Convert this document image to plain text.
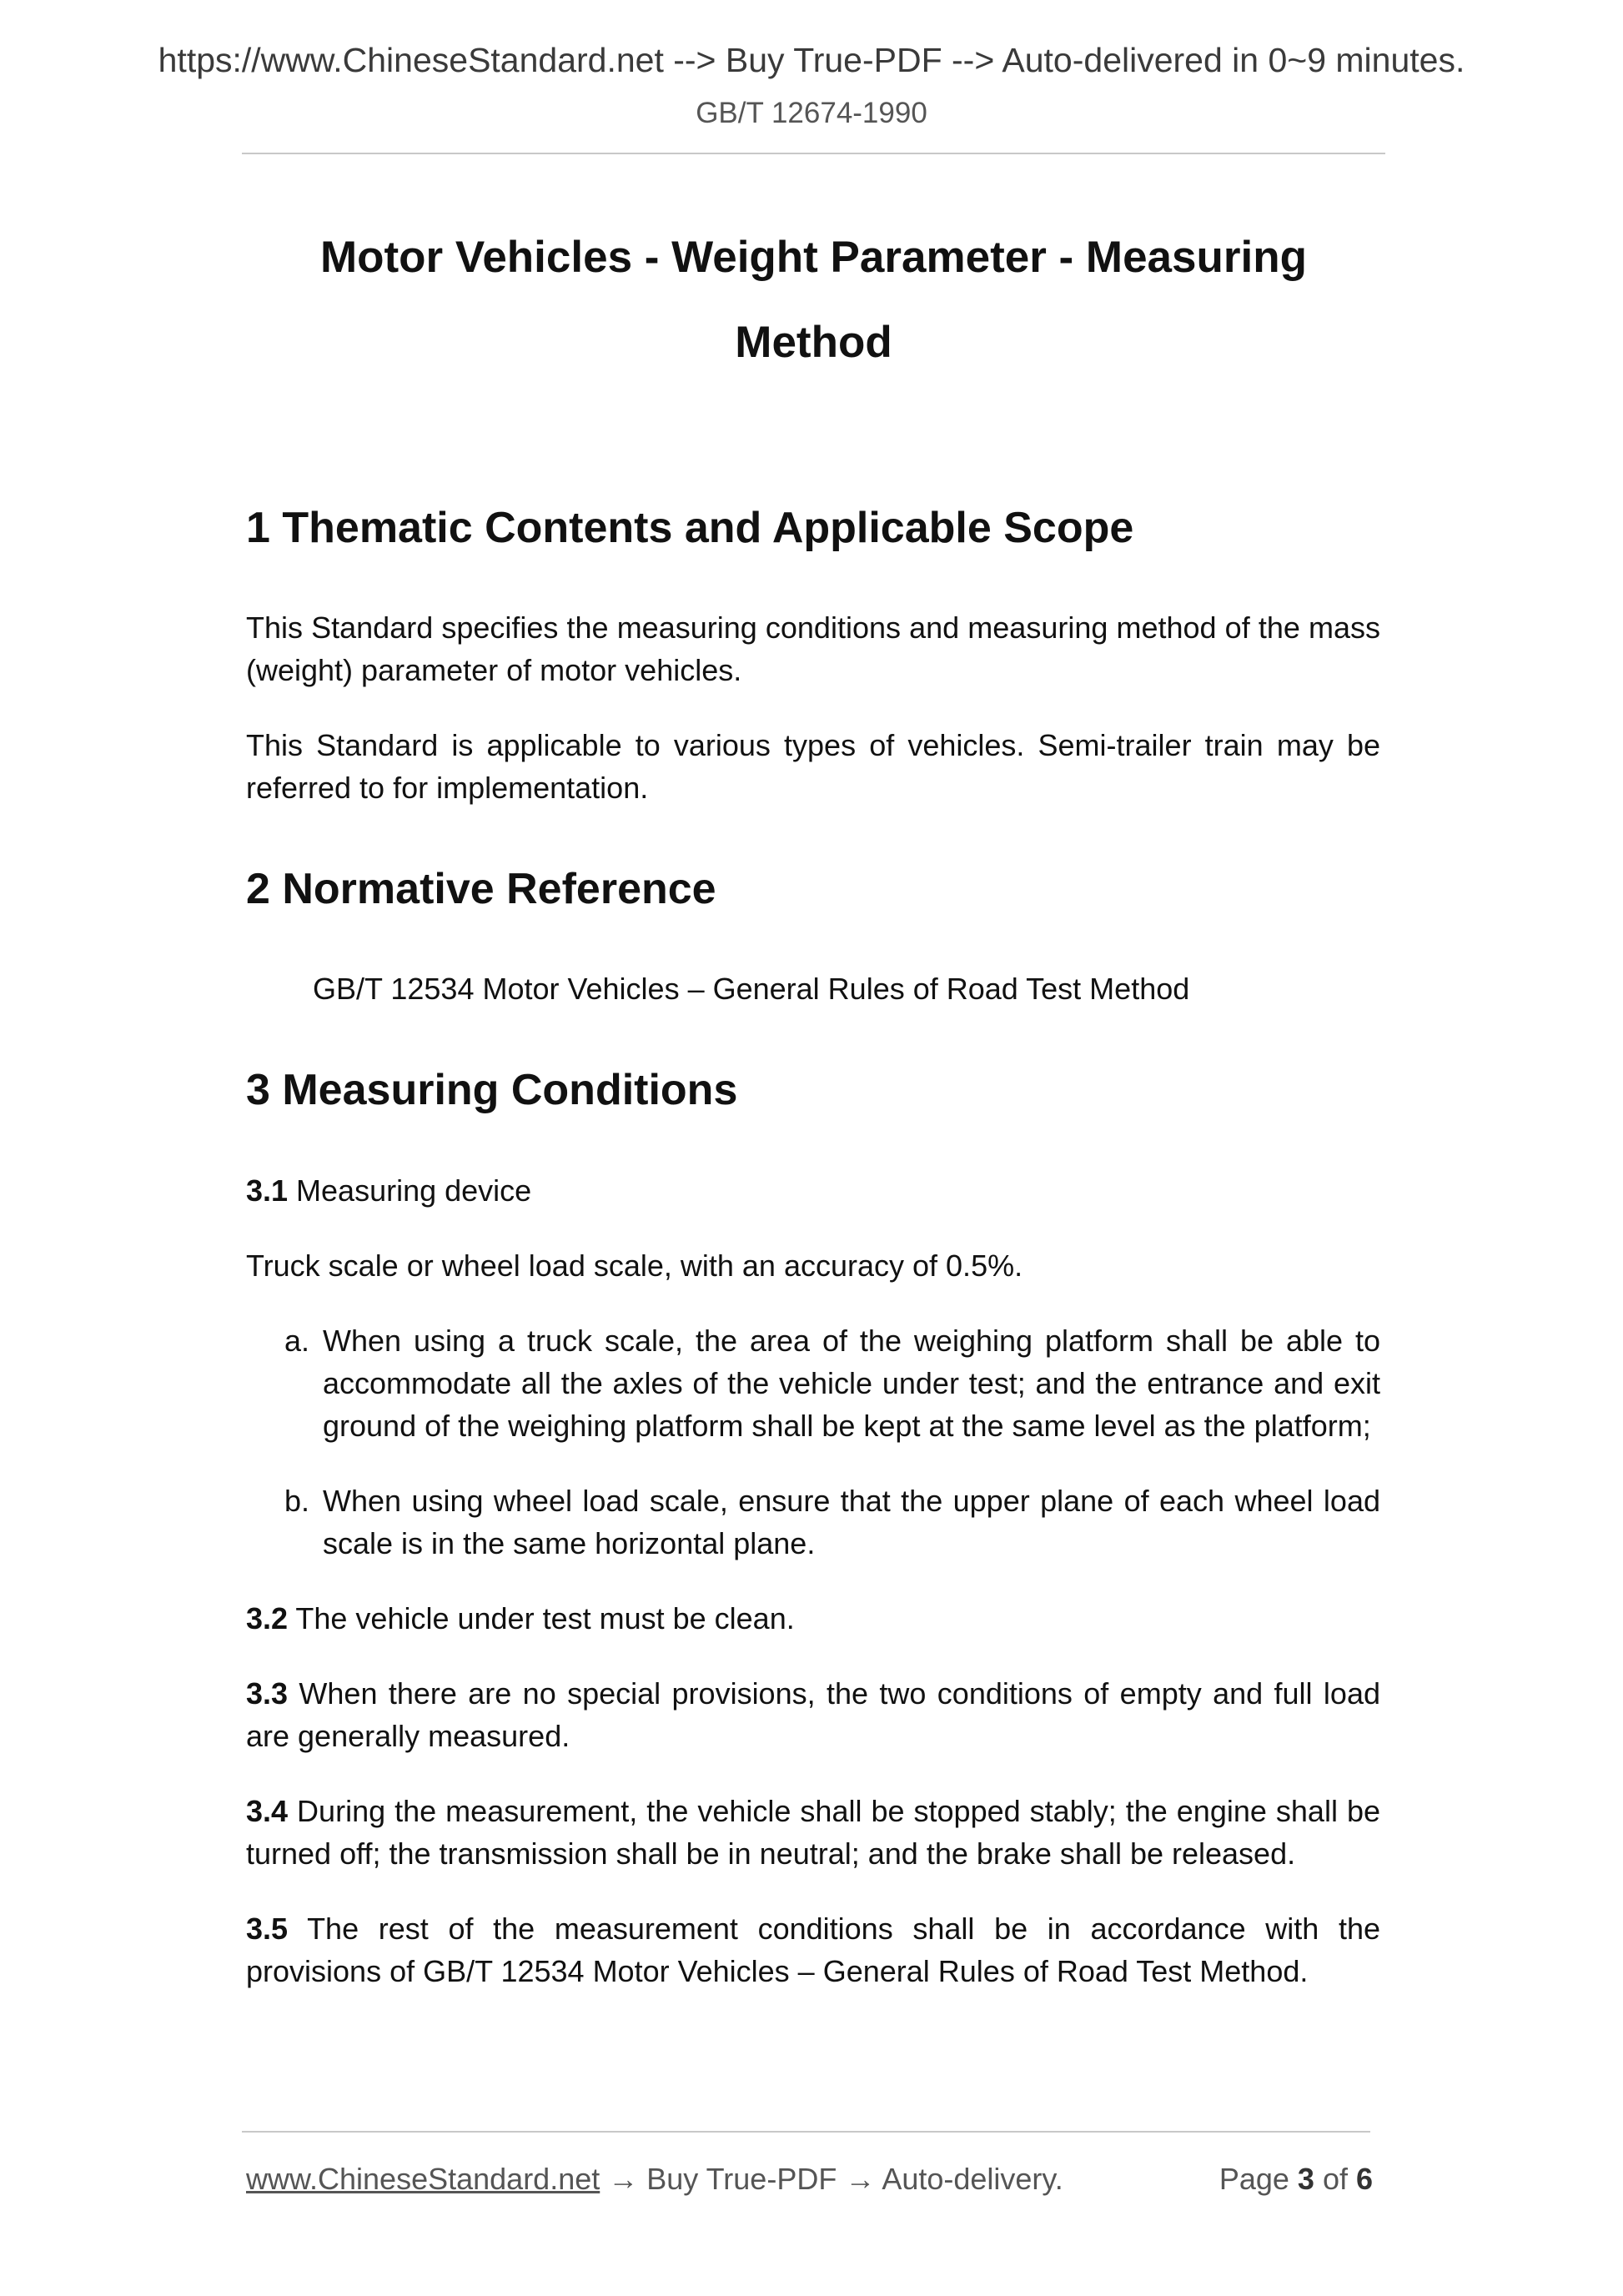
https://www.ChineseStandard.net --> Buy True-PDF --> Auto-delivered in 0~9 minutes.
GB/T 12674-1990
Motor Vehicles - Weight Parameter - Measuring
Method
1 Thematic Contents and Applicable Scope

This Standard specifies the measuring conditions and measuring method of the mass (weight) parameter of motor vehicles.

This Standard is applicable to various types of vehicles. Semi-trailer train may be referred to for implementation.

2 Normative Reference

GB/T 12534 Motor Vehicles – General Rules of Road Test Method

3 Measuring Conditions

3.1 Measuring device

Truck scale or wheel load scale, with an accuracy of 0.5%.

a. When using a truck scale, the area of the weighing platform shall be able to accommodate all the axles of the vehicle under test; and the entrance and exit ground of the weighing platform shall be kept at the same level as the platform;
b. When using wheel load scale, ensure that the upper plane of each wheel load scale is in the same horizontal plane.

3.2 The vehicle under test must be clean.

3.3 When there are no special provisions, the two conditions of empty and full load are generally measured.

3.4 During the measurement, the vehicle shall be stopped stably; the engine shall be turned off; the transmission shall be in neutral; and the brake shall be released.

3.5 The rest of the measurement conditions shall be in accordance with the provisions of GB/T 12534 Motor Vehicles – General Rules of Road Test Method.

www.ChineseStandard.net → Buy True-PDF → Auto-delivery.	Page 3 of 6
